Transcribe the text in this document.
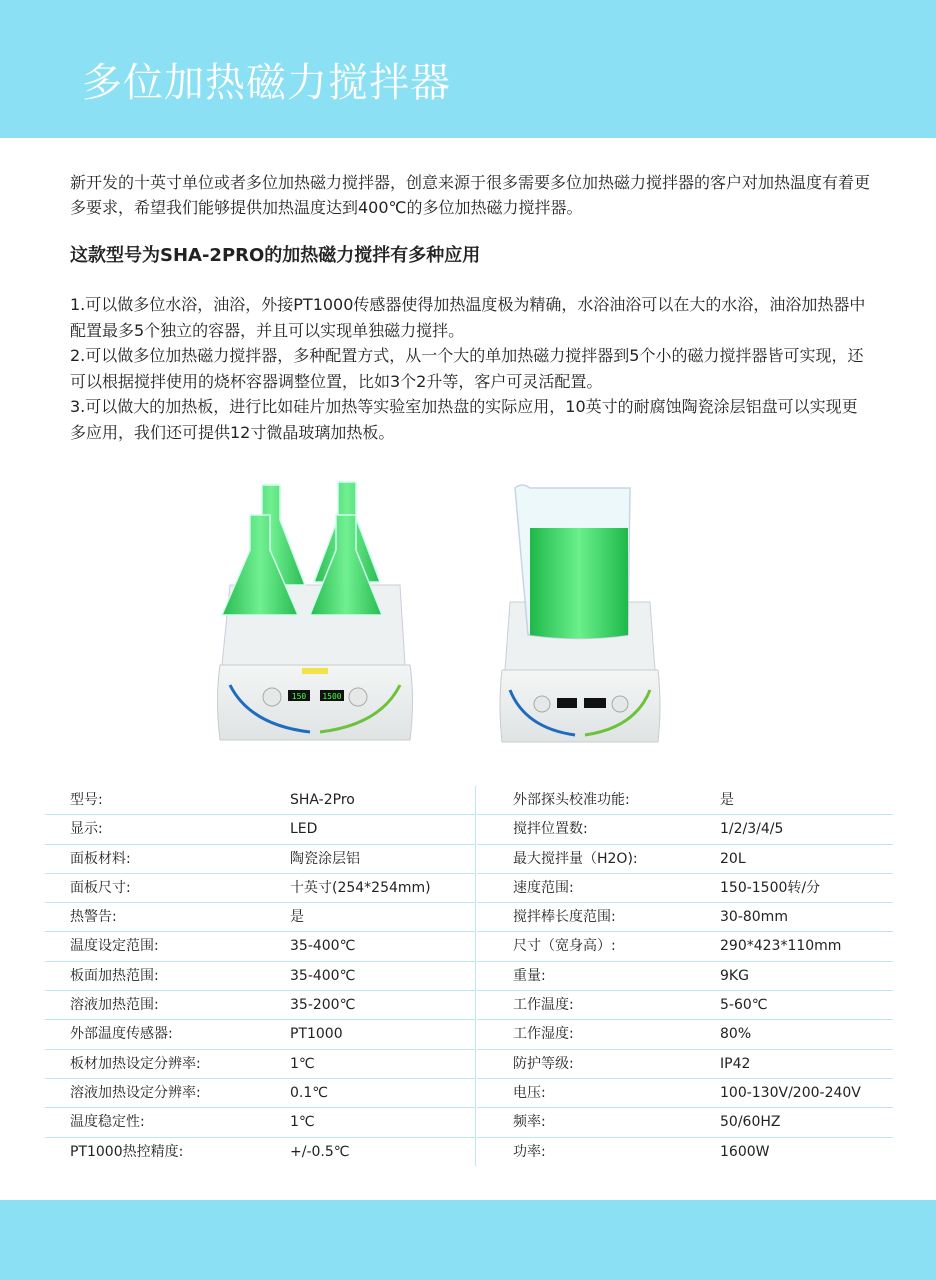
多位加热磁力搅拌器

新开发的十英寸单位或者多位加热磁力搅拌器，创意来源于很多需要多位加热磁力搅拌器的客户对加热温度有着更多要求，希望我们能够提供加热温度达到400℃的多位加热磁力搅拌器。

这款型号为SHA-2PRO的加热磁力搅拌有多种应用

1.可以做多位水浴，油浴，外接PT1000传感器使得加热温度极为精确，水浴油浴可以在大的水浴，油浴加热器中配置最多5个独立的容器，并且可以实现单独磁力搅拌。

2.可以做多位加热磁力搅拌器，多种配置方式，从一个大的单加热磁力搅拌器到5个小的磁力搅拌器皆可实现，还可以根据搅拌使用的烧杯容器调整位置，比如3个2升等，客户可灵活配置。

3.可以做大的加热板，进行比如硅片加热等实验室加热盘的实际应用，10英寸的耐腐蚀陶瓷涂层铝盘可以实现更多应用，我们还可提供12寸微晶玻璃加热板。

150 1500
型号:	SHA-2Pro
显示:	LED
面板材料:	陶瓷涂层铝
面板尺寸:	十英寸(254*254mm)
热警告:	是
温度设定范围:	35-400℃
板面加热范围:	35-400℃
溶液加热范围:	35-200℃
外部温度传感器:	PT1000
板材加热设定分辨率:	1℃
溶液加热设定分辨率:	0.1℃
温度稳定性:	1℃
PT1000热控精度:	+/-0.5℃
外部探头校准功能:	是
搅拌位置数:	1/2/3/4/5
最大搅拌量（H2O):	20L
速度范围:	150-1500转/分
搅拌棒长度范围:	30-80mm
尺寸（宽身高）:	290*423*110mm
重量:	9KG
工作温度:	5-60℃
工作湿度:	80%
防护等级:	IP42
电压:	100-130V/200-240V
频率:	50/60HZ
功率:	1600W
